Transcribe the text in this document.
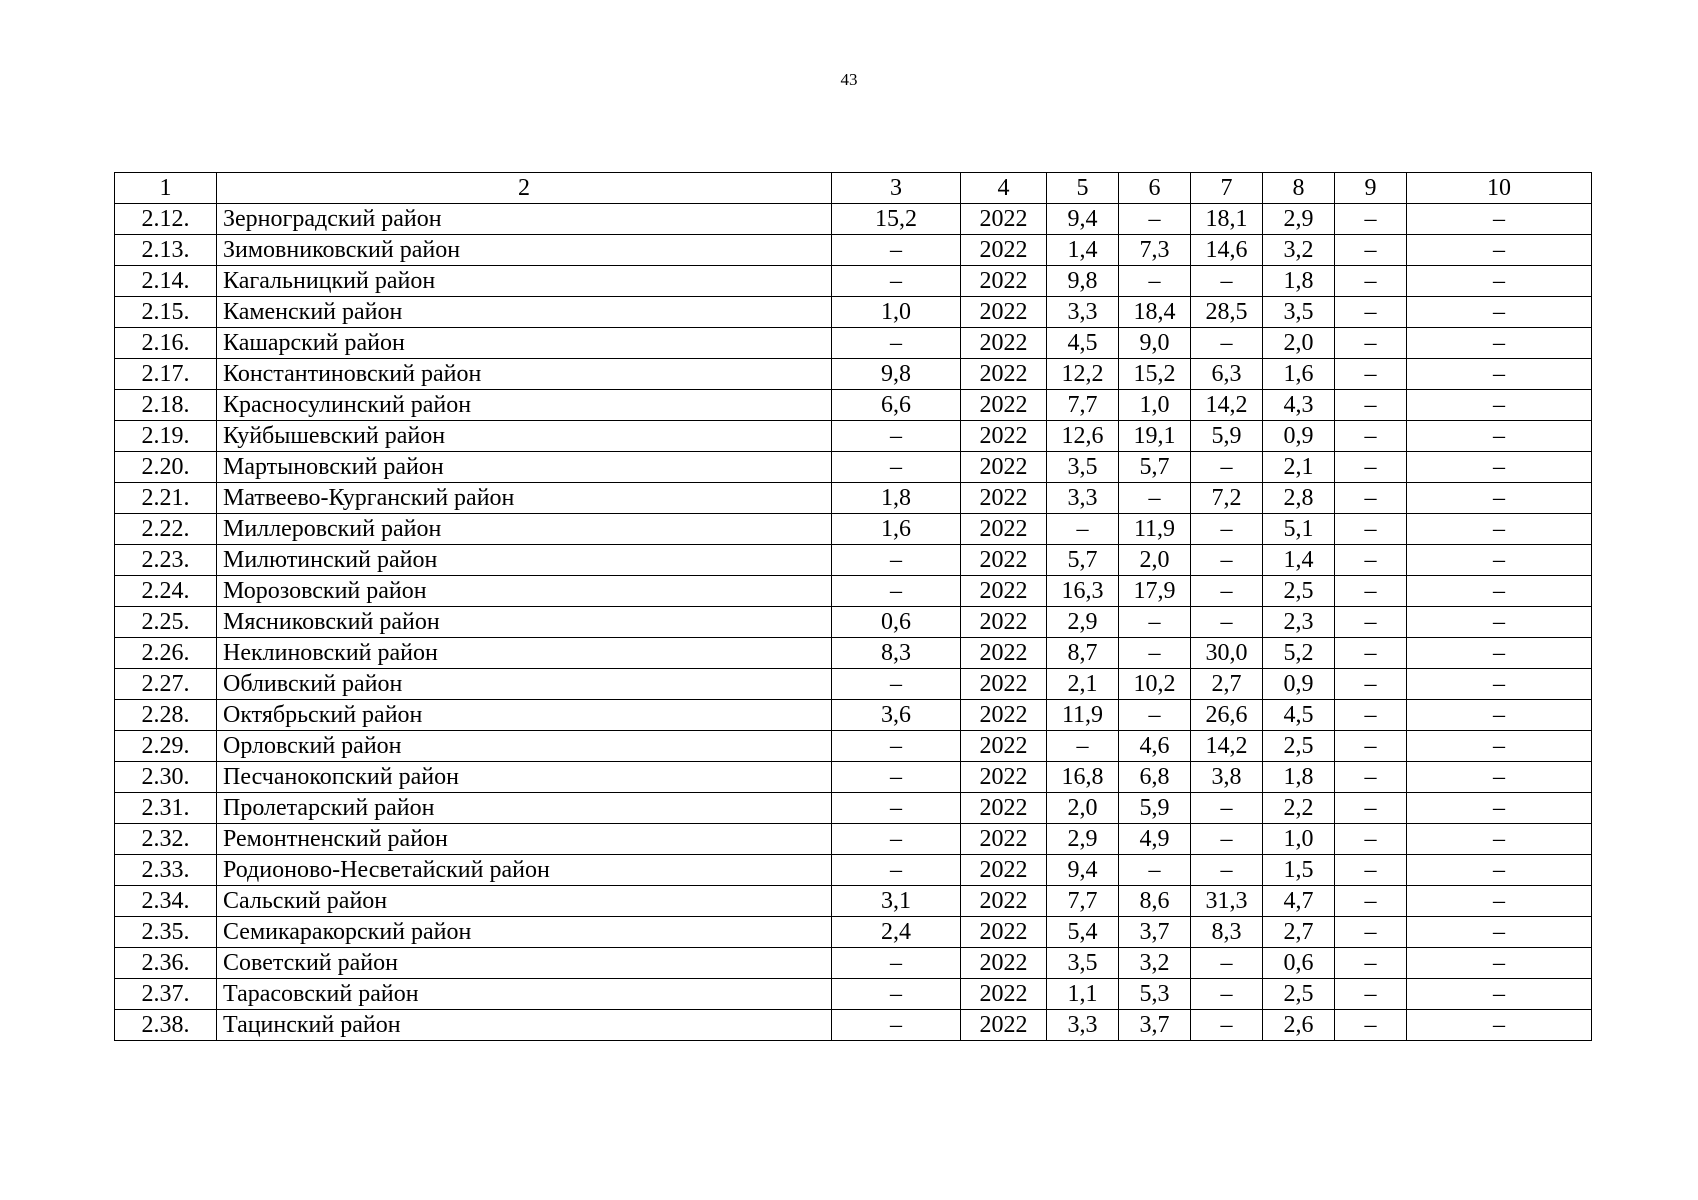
43
1	2	3	4	5	6	7	8	9	10
2.12.	Зерноградский район	15,2	2022	9,4	–	18,1	2,9	–	–
2.13.	Зимовниковский район	–	2022	1,4	7,3	14,6	3,2	–	–
2.14.	Кагальницкий район	–	2022	9,8	–	–	1,8	–	–
2.15.	Каменский район	1,0	2022	3,3	18,4	28,5	3,5	–	–
2.16.	Кашарский район	–	2022	4,5	9,0	–	2,0	–	–
2.17.	Константиновский район	9,8	2022	12,2	15,2	6,3	1,6	–	–
2.18.	Красносулинский район	6,6	2022	7,7	1,0	14,2	4,3	–	–
2.19.	Куйбышевский район	–	2022	12,6	19,1	5,9	0,9	–	–
2.20.	Мартыновский район	–	2022	3,5	5,7	–	2,1	–	–
2.21.	Матвеево-Курганский район	1,8	2022	3,3	–	7,2	2,8	–	–
2.22.	Миллеровский район	1,6	2022	–	11,9	–	5,1	–	–
2.23.	Милютинский район	–	2022	5,7	2,0	–	1,4	–	–
2.24.	Морозовский район	–	2022	16,3	17,9	–	2,5	–	–
2.25.	Мясниковский район	0,6	2022	2,9	–	–	2,3	–	–
2.26.	Неклиновский район	8,3	2022	8,7	–	30,0	5,2	–	–
2.27.	Обливский район	–	2022	2,1	10,2	2,7	0,9	–	–
2.28.	Октябрьский район	3,6	2022	11,9	–	26,6	4,5	–	–
2.29.	Орловский район	–	2022	–	4,6	14,2	2,5	–	–
2.30.	Песчанокопский район	–	2022	16,8	6,8	3,8	1,8	–	–
2.31.	Пролетарский район	–	2022	2,0	5,9	–	2,2	–	–
2.32.	Ремонтненский район	–	2022	2,9	4,9	–	1,0	–	–
2.33.	Родионово-Несветайский район	–	2022	9,4	–	–	1,5	–	–
2.34.	Сальский район	3,1	2022	7,7	8,6	31,3	4,7	–	–
2.35.	Семикаракорский район	2,4	2022	5,4	3,7	8,3	2,7	–	–
2.36.	Советский район	–	2022	3,5	3,2	–	0,6	–	–
2.37.	Тарасовский район	–	2022	1,1	5,3	–	2,5	–	–
2.38.	Тацинский район	–	2022	3,3	3,7	–	2,6	–	–
